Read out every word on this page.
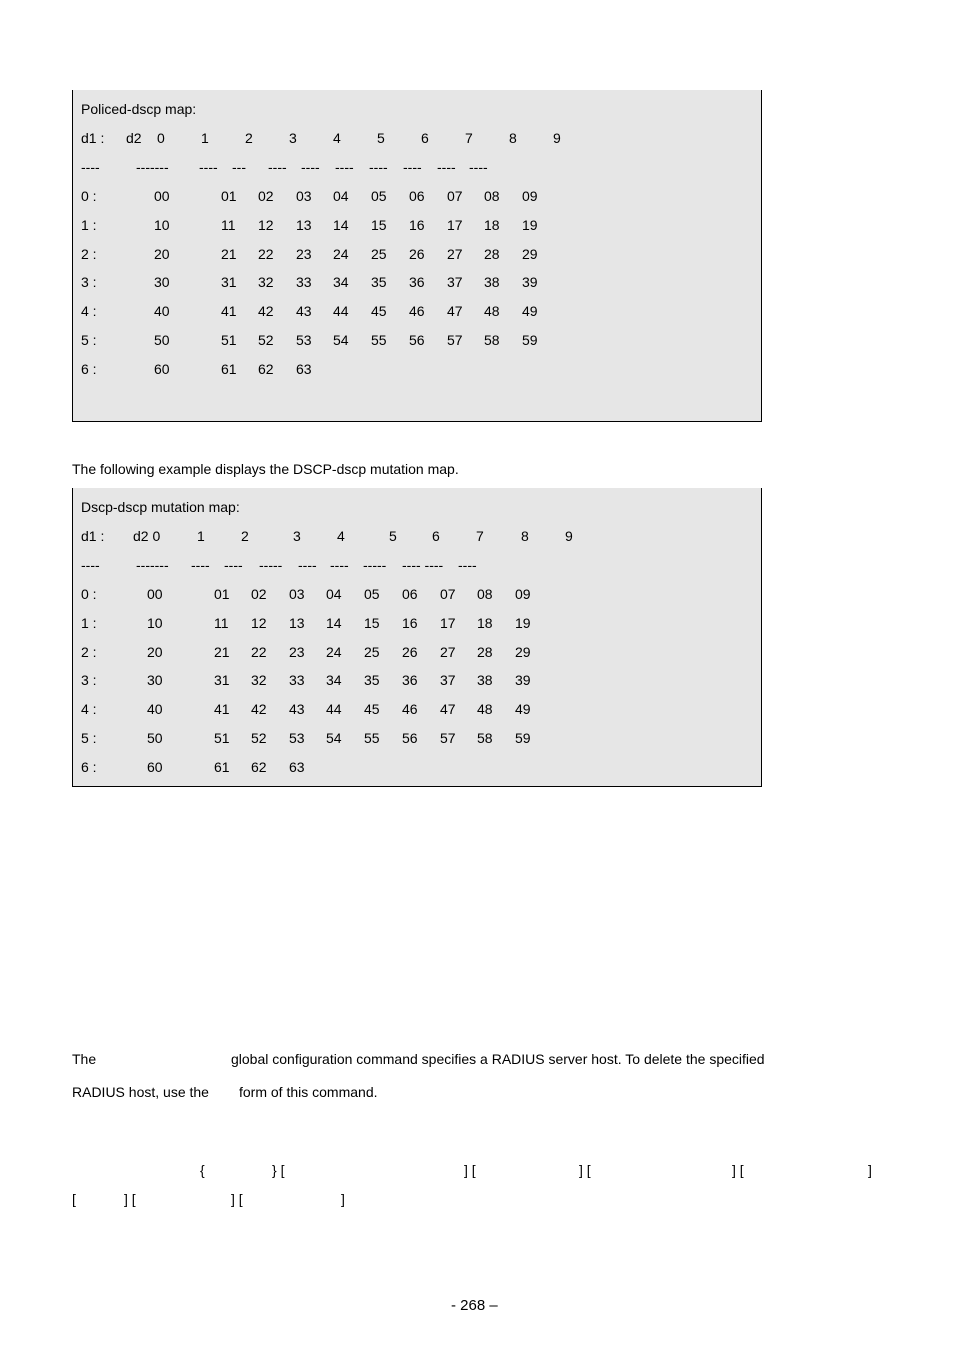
Policed-dscp map:
d1 : d2 0	1	2	3	4	5	6	7	8	9
----	------- ---- --- ---- ---- ---- ---- ---- ---- ----
0 :	00	01 02 03 04 05 06 07 08 09
1 :	10	11 12 13 14 15 16 17 18 19
2 :	20	21 22 23 24 25 26 27 28 29
3 :	30	31 32 33 34 35 36 37 38 39
4 :	40	41 42 43 44 45 46 47 48 49
5 :	50	51 52 53 54 55 56 57 58 59
6 :	60	61 62 63
The following example displays the DSCP-dscp mutation map.
Dscp-dscp mutation map:
d1 : d2 0	1	2	3	4	5	6	7	8	9
----	------- ---- ---- ----- ---- ---- ----- ---- ---- ----
0 :	00	01 02 03 04 05 06 07 08 09
1 :	10	11 12 13 14 15 16 17 18 19
2 :	20	21 22 23 24 25 26 27 28 29
3 :	30	31 32 33 34 35 36 37 38 39
4 :	40	41 42 43 44 45 46 47 48 49
5 :	50	51 52 53 54 55 56 57 58 59
6 :	60	61 62 63
The	global configuration command specifies a RADIUS server host. To delete the specified
RADIUS host, use the form of this command.
{	} [	] [	] [	] [	]
[	] [	] [	]
- 268 –
